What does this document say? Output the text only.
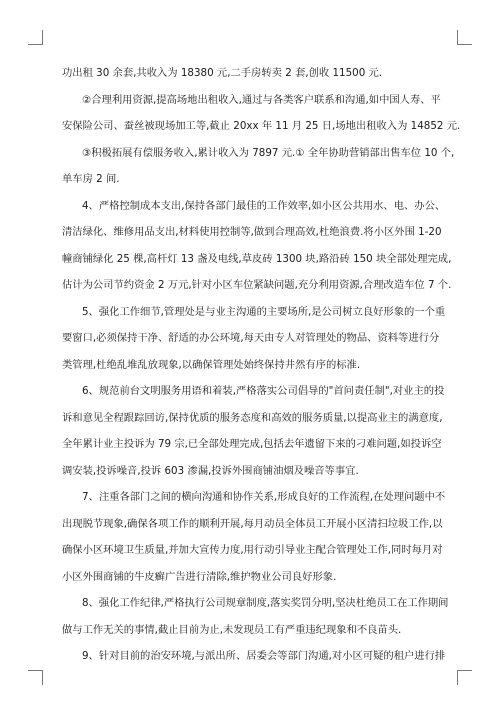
功出租 30 余套,共收入为 18380 元,二手房转卖 2 套,创收 11500 元.
②合理利用资源,提高场地出租收入,通过与各类客户联系和沟通,如中国人寿、平
安保险公司、蚕丝被现场加工等,截止 20xx 年 11 月 25 日,场地出租收入为 14852 元.
③积极拓展有偿服务收入,累计收入为 7897 元.① 全年协助营销部出售车位 10 个,
单车房 2 间.
4、严格控制成本支出,保持各部门最佳的工作效率,如小区公共用水、电、办公、
清洁绿化、维修用品支出,材料使用控制等,做到合理高效,杜绝浪费.将小区外围 1-20
幢商铺绿化 25 棵,高杆灯 13 盏及电线,草皮砖 1300 块,路沿砖 150 块全部处理完成,
估计为公司节约资金 2 万元,针对小区车位紧缺问题,充分利用资源,合理改造车位 7 个.
5、强化工作细节,管理处是与业主沟通的主要场所,是公司树立良好形象的一个重
要窗口,必须保持干净、舒适的办公环境,每天由专人对管理处的物品、资料等进行分
类管理,杜绝乱堆乱放现象,以确保管理处始终保持井然有序的标准.
6、规范前台文明服务用语和着装,严格落实公司倡导的"首问责任制",对业主的投
诉和意见全程跟踪回访,保持优质的服务态度和高效的服务质量,以提高业主的满意度,
全年累计业主投诉为 79 宗,已全部处理完成,包括去年遗留下来的刁难问题,如投诉空
调安装,投诉噪音,投诉 603 渗漏,投诉外围商铺油烟及噪音等事宜.
7、注重各部门之间的横向沟通和协作关系,形成良好的工作流程,在处理问题中不
出现脱节现象,确保各项工作的顺利开展,每月动员全体员工开展小区清扫垃圾工作,以
确保小区环境卫生质量,并加大宣传力度,用行动引导业主配合管理处工作,同时每月对
小区外围商铺的牛皮癣广告进行清除,维护物业公司良好形象.
8、强化工作纪律,严格执行公司规章制度,落实奖罚分明,坚决杜绝员工在工作期间
做与工作无关的事情,截止目前为止,未发现员工有严重违纪现象和不良苗头.
9、针对目前的治安环境,与派出所、居委会等部门沟通,对小区可疑的租户进行排
